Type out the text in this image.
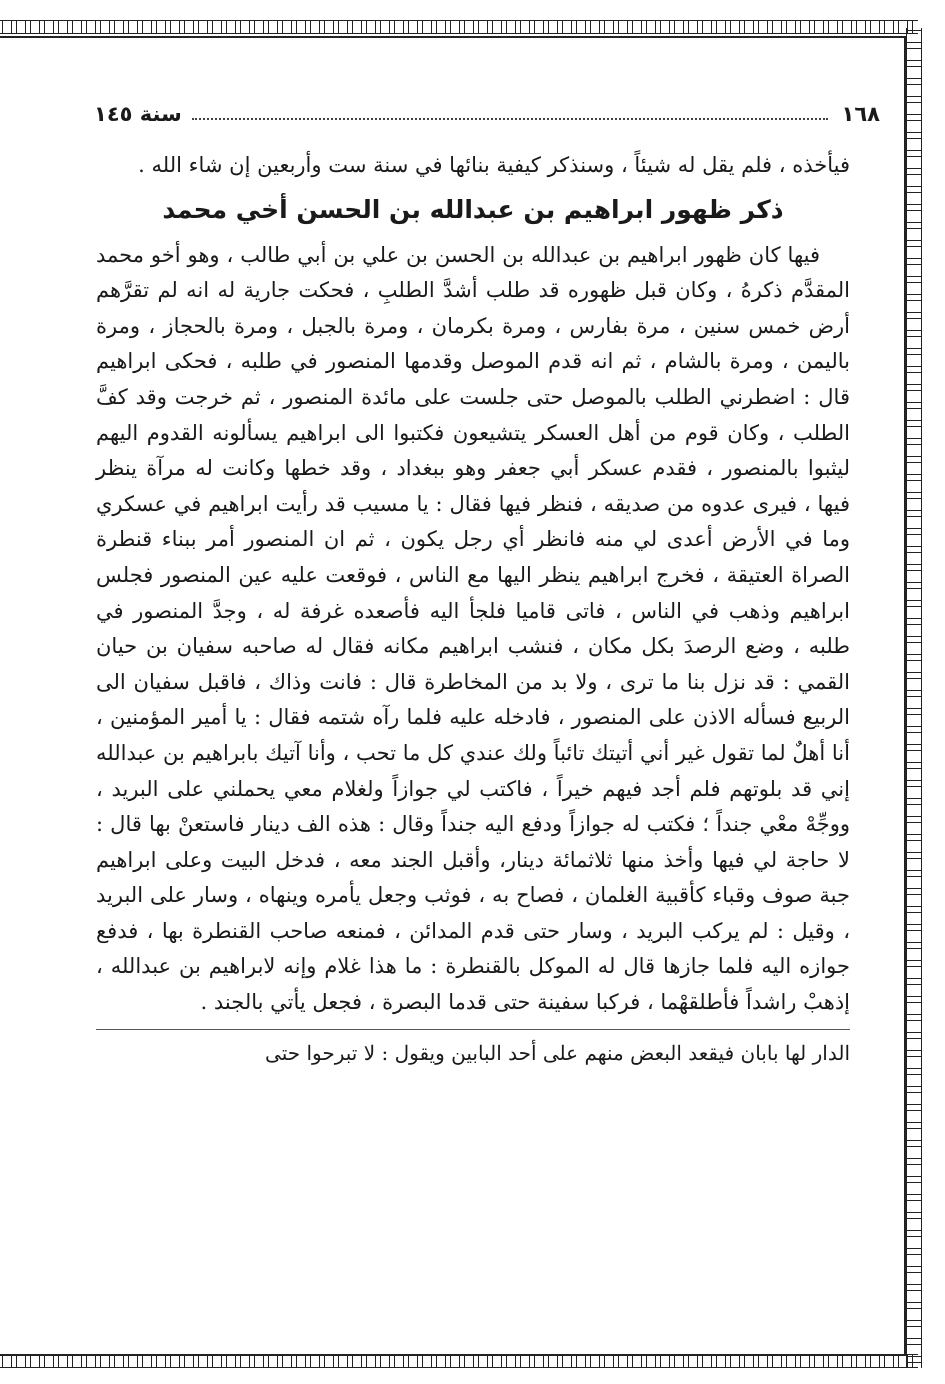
١٦٨
سنة ١٤٥

فيأخذه ، فلم يقل له شيئاً ، وسنذكر كيفية بنائها في سنة ست وأربعين إن شاء الله .

ذكر ظهور ابراهيم بن عبدالله بن الحسن أخي محمد

فيها كان ظهور ابراهيم بن عبدالله بن الحسن بن علي بن أبي طالب ، وهو أخو محمد المقدَّم ذكرهُ ، وكان قبل ظهوره قد طلب أشدَّ الطلبِ ، فحكت جارية له انه لم تقرَّهم أرض خمس سنين ، مرة بفارس ، ومرة بكرمان ، ومرة بالجبل ، ومرة بالحجاز ، ومرة باليمن ، ومرة بالشام ، ثم انه قدم الموصل وقدمها المنصور في طلبه ، فحكى ابراهيم قال : اضطرني الطلب بالموصل حتى جلست على مائدة المنصور ، ثم خرجت وقد كفَّ الطلب ، وكان قوم من أهل العسكر يتشيعون فكتبوا الى ابراهيم يسألونه القدوم اليهم ليثبوا بالمنصور ، فقدم عسكر أبي جعفر وهو ببغداد ، وقد خطها وكانت له مرآة ينظر فيها ، فيرى عدوه من صديقه ، فنظر فيها فقال : يا مسيب قد رأيت ابراهيم في عسكري وما في الأرض أعدى لي منه فانظر أي رجل يكون ، ثم ان المنصور أمر ببناء قنطرة الصراة العتيقة ، فخرج ابراهيم ينظر اليها مع الناس ، فوقعت عليه عين المنصور فجلس ابراهيم وذهب في الناس ، فاتى قاميا فلجأ اليه فأصعده غرفة له ، وجدَّ المنصور في طلبه ، وضع الرصدَ بكل مكان ، فنشب ابراهيم مكانه فقال له صاحبه سفيان بن حيان القمي : قد نزل بنا ما ترى ، ولا بد من المخاطرة قال : فانت وذاك ، فاقبل سفيان الى الربيع فسأله الاذن على المنصور ، فادخله عليه فلما رآه شتمه فقال : يا أمير المؤمنين ، أنا أهلٌ لما تقول غير أني أتيتك تائباً ولك عندي كل ما تحب ، وأنا آتيك بابراهيم بن عبدالله إني قد بلوتهم فلم أجد فيهم خيراً ، فاكتب لي جوازاً ولغلام معي يحملني على البريد ، ووجِّهْ معْي جنداً ؛ فكتب له جوازاً ودفع اليه جنداً وقال : هذه الف دينار فاستعنْ بها قال : لا حاجة لي فيها وأخذ منها ثلاثمائة دينار، وأقبل الجند معه ، فدخل البيت وعلى ابراهيم جبة صوف وقباء كأقبية الغلمان ، فصاح به ، فوثب وجعل يأمره وينهاه ، وسار على البريد ، وقيل : لم يركب البريد ، وسار حتى قدم المدائن ، فمنعه صاحب القنطرة بها ، فدفع جوازه اليه فلما جازها قال له الموكل بالقنطرة : ما هذا غلام وإنه لابراهيم بن عبدالله ، إذهبْ راشداً فأطلقهْما ، فركبا سفينة حتى قدما البصرة ، فجعل يأتي بالجند .

الدار لها بابان فيقعد البعض منهم على أحد البابين ويقول : لا تبرحوا حتى
